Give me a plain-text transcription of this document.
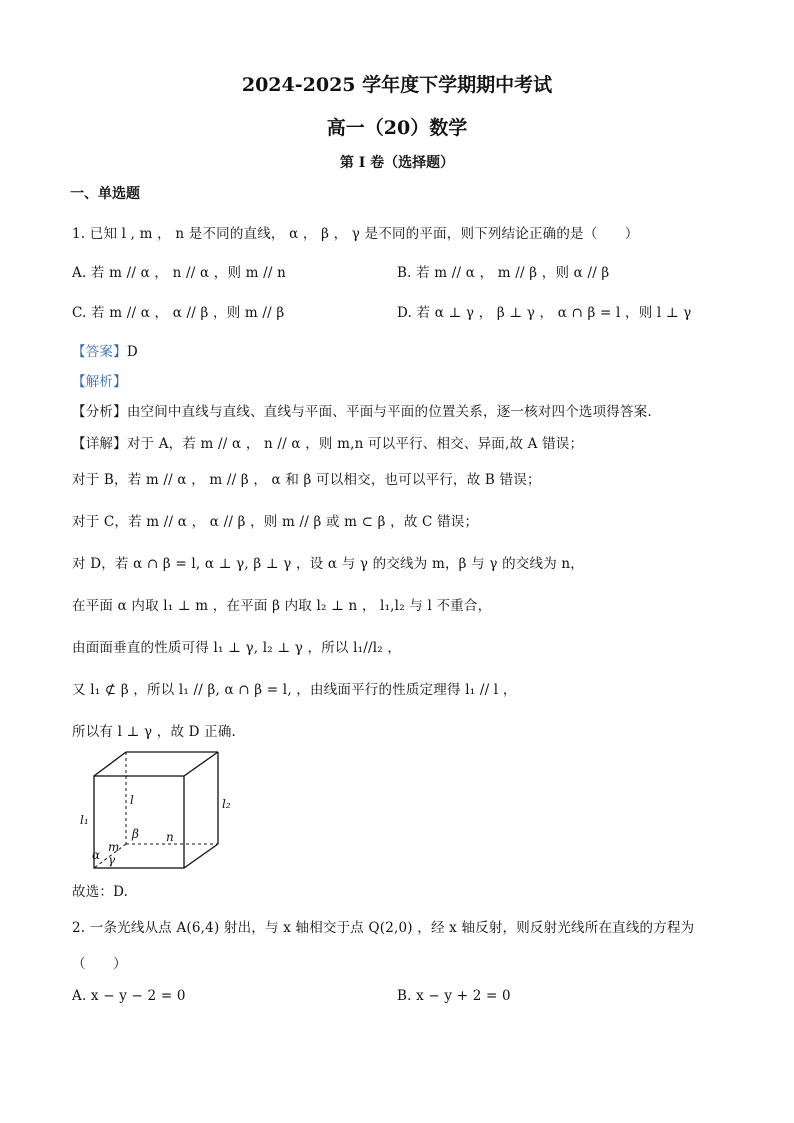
2024-2025 学年度下学期期中考试
高一（20）数学
第 I 卷（选择题）
一、单选题
1. 已知 l , m ， n 是不同的直线， α ， β ， γ 是不同的平面，则下列结论正确的是（　　）
A. 若 m // α ， n // α ，则 m // n	B. 若 m // α ， m // β ，则 α // β
C. 若 m // α ， α // β ，则 m // β	D. 若 α ⊥ γ ， β ⊥ γ ， α ∩ β = l ，则 l ⊥ γ
【答案】D
【解析】
【分析】由空间中直线与直线、直线与平面、平面与平面的位置关系，逐一核对四个选项得答案.
【详解】对于 A，若 m // α ， n // α ，则 m,n 可以平行、相交、异面,故 A 错误；
对于 B，若 m // α ， m // β ， α 和 β 可以相交，也可以平行，故 B 错误；
对于 C，若 m // α ， α // β ，则 m // β 或 m ⊂ β ，故 C 错误；
对 D，若 α ∩ β = l, α ⊥ γ, β ⊥ γ ，设 α 与 γ 的交线为 m，β 与 γ 的交线为 n，
在平面 α 内取 l₁ ⊥ m ，在平面 β 内取 l₂ ⊥ n ， l₁,l₂ 与 l 不重合，
由面面垂直的性质可得 l₁ ⊥ γ, l₂ ⊥ γ ，所以 l₁//l₂ ，
又 l₁ ⊄ β ，所以 l₁ // β, α ∩ β = l, ，由线面平行的性质定理得 l₁ // l ，
所以有 l ⊥ γ ，故 D 正确.
l
l₁
l₂
β n
m
α γ
故选：D.
2. 一条光线从点 A(6,4) 射出，与 x 轴相交于点 Q(2,0) ，经 x 轴反射，则反射光线所在直线的方程为
（　　）
A. x − y − 2 = 0	B. x − y + 2 = 0
